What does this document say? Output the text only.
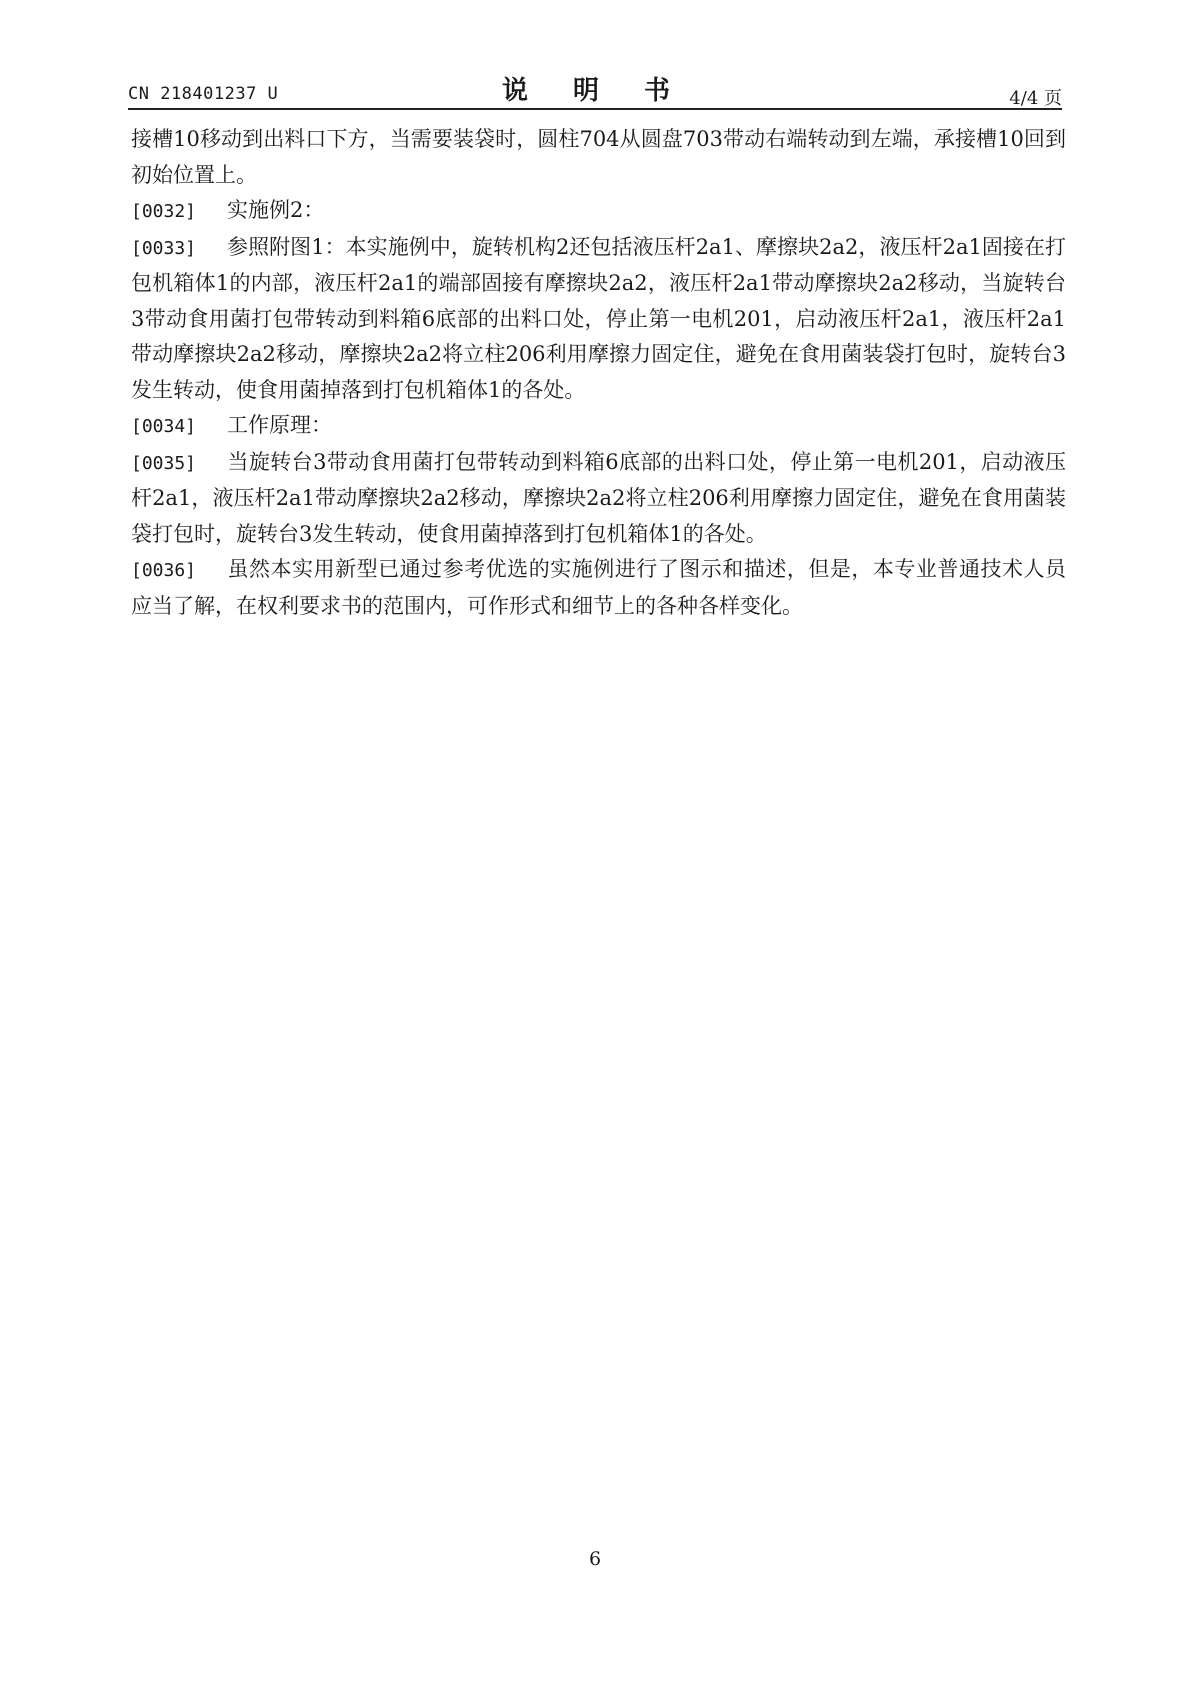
CN 218401237 U	说 明 书	4/4 页

接槽10移动到出料口下方，当需要装袋时，圆柱704从圆盘703带动右端转动到左端，承接槽10回到初始位置上。

[0032] 实施例2：

[0033] 参照附图1：本实施例中，旋转机构2还包括液压杆2a1、摩擦块2a2，液压杆2a1固接在打包机箱体1的内部，液压杆2a1的端部固接有摩擦块2a2，液压杆2a1带动摩擦块2a2移动，当旋转台3带动食用菌打包带转动到料箱6底部的出料口处，停止第一电机201，启动液压杆2a1，液压杆2a1带动摩擦块2a2移动，摩擦块2a2将立柱206利用摩擦力固定住，避免在食用菌装袋打包时，旋转台3发生转动，使食用菌掉落到打包机箱体1的各处。

[0034] 工作原理：

[0035] 当旋转台3带动食用菌打包带转动到料箱6底部的出料口处，停止第一电机201，启动液压杆2a1，液压杆2a1带动摩擦块2a2移动，摩擦块2a2将立柱206利用摩擦力固定住，避免在食用菌装袋打包时，旋转台3发生转动，使食用菌掉落到打包机箱体1的各处。

[0036] 虽然本实用新型已通过参考优选的实施例进行了图示和描述，但是，本专业普通技术人员应当了解，在权利要求书的范围内，可作形式和细节上的各种各样变化。

6
